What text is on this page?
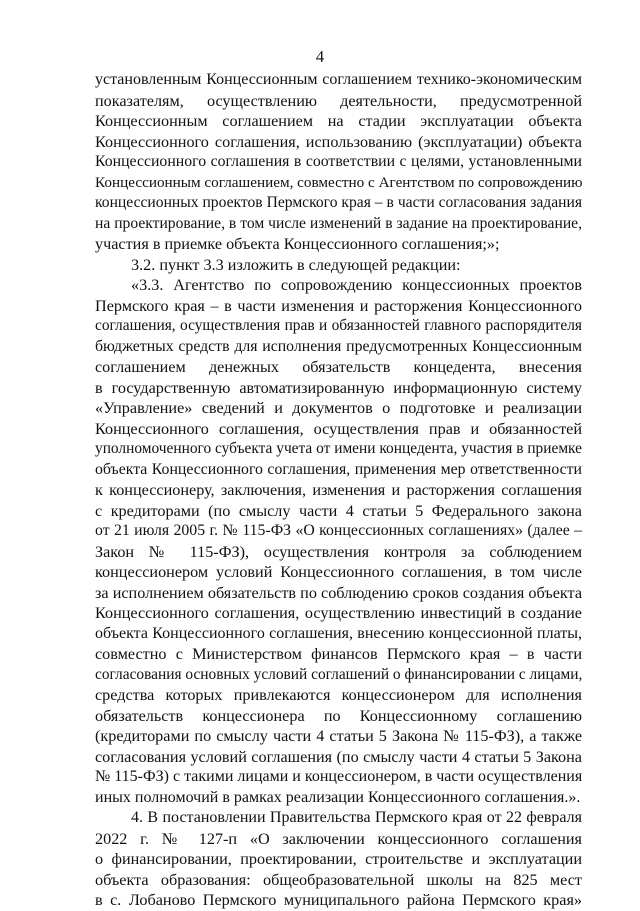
4
установленным Концессионным соглашением технико-экономическим
показателям, осуществлению деятельности, предусмотренной
Концессионным соглашением на стадии эксплуатации объекта
Концессионного соглашения, использованию (эксплуатации) объекта
Концессионного соглашения в соответствии с целями, установленными
Концессионным соглашением, совместно с Агентством по сопровождению
концессионных проектов Пермского края – в части согласования задания
на проектирование, в том числе изменений в задание на проектирование,
участия в приемке объекта Концессионного соглашения;»;
3.2. пункт 3.3 изложить в следующей редакции:
«3.3. Агентство по сопровождению концессионных проектов
Пермского края – в части изменения и расторжения Концессионного
соглашения, осуществления прав и обязанностей главного распорядителя
бюджетных средств для исполнения предусмотренных Концессионным
соглашением денежных обязательств концедента, внесения
в государственную автоматизированную информационную систему
«Управление» сведений и документов о подготовке и реализации
Концессионного соглашения, осуществления прав и обязанностей
уполномоченного субъекта учета от имени концедента, участия в приемке
объекта Концессионного соглашения, применения мер ответственности
к концессионеру, заключения, изменения и расторжения соглашения
с кредиторами (по смыслу части 4 статьи 5 Федерального закона
от 21 июля 2005 г. № 115-ФЗ «О концессионных соглашениях» (далее –
Закон № 115-ФЗ), осуществления контроля за соблюдением
концессионером условий Концессионного соглашения, в том числе
за исполнением обязательств по соблюдению сроков создания объекта
Концессионного соглашения, осуществлению инвестиций в создание
объекта Концессионного соглашения, внесению концессионной платы,
совместно с Министерством финансов Пермского края – в части
согласования основных условий соглашений о финансировании с лицами,
средства которых привлекаются концессионером для исполнения
обязательств концессионера по Концессионному соглашению
(кредиторами по смыслу части 4 статьи 5 Закона № 115-ФЗ), а также
согласования условий соглашения (по смыслу части 4 статьи 5 Закона
№ 115-ФЗ) с такими лицами и концессионером, в части осуществления
иных полномочий в рамках реализации Концессионного соглашения.».
4. В постановлении Правительства Пермского края от 22 февраля
2022 г. № 127-п «О заключении концессионного соглашения
о финансировании, проектировании, строительстве и эксплуатации
объекта образования: общеобразовательной школы на 825 мест
в с. Лобаново Пермского муниципального района Пермского края»
